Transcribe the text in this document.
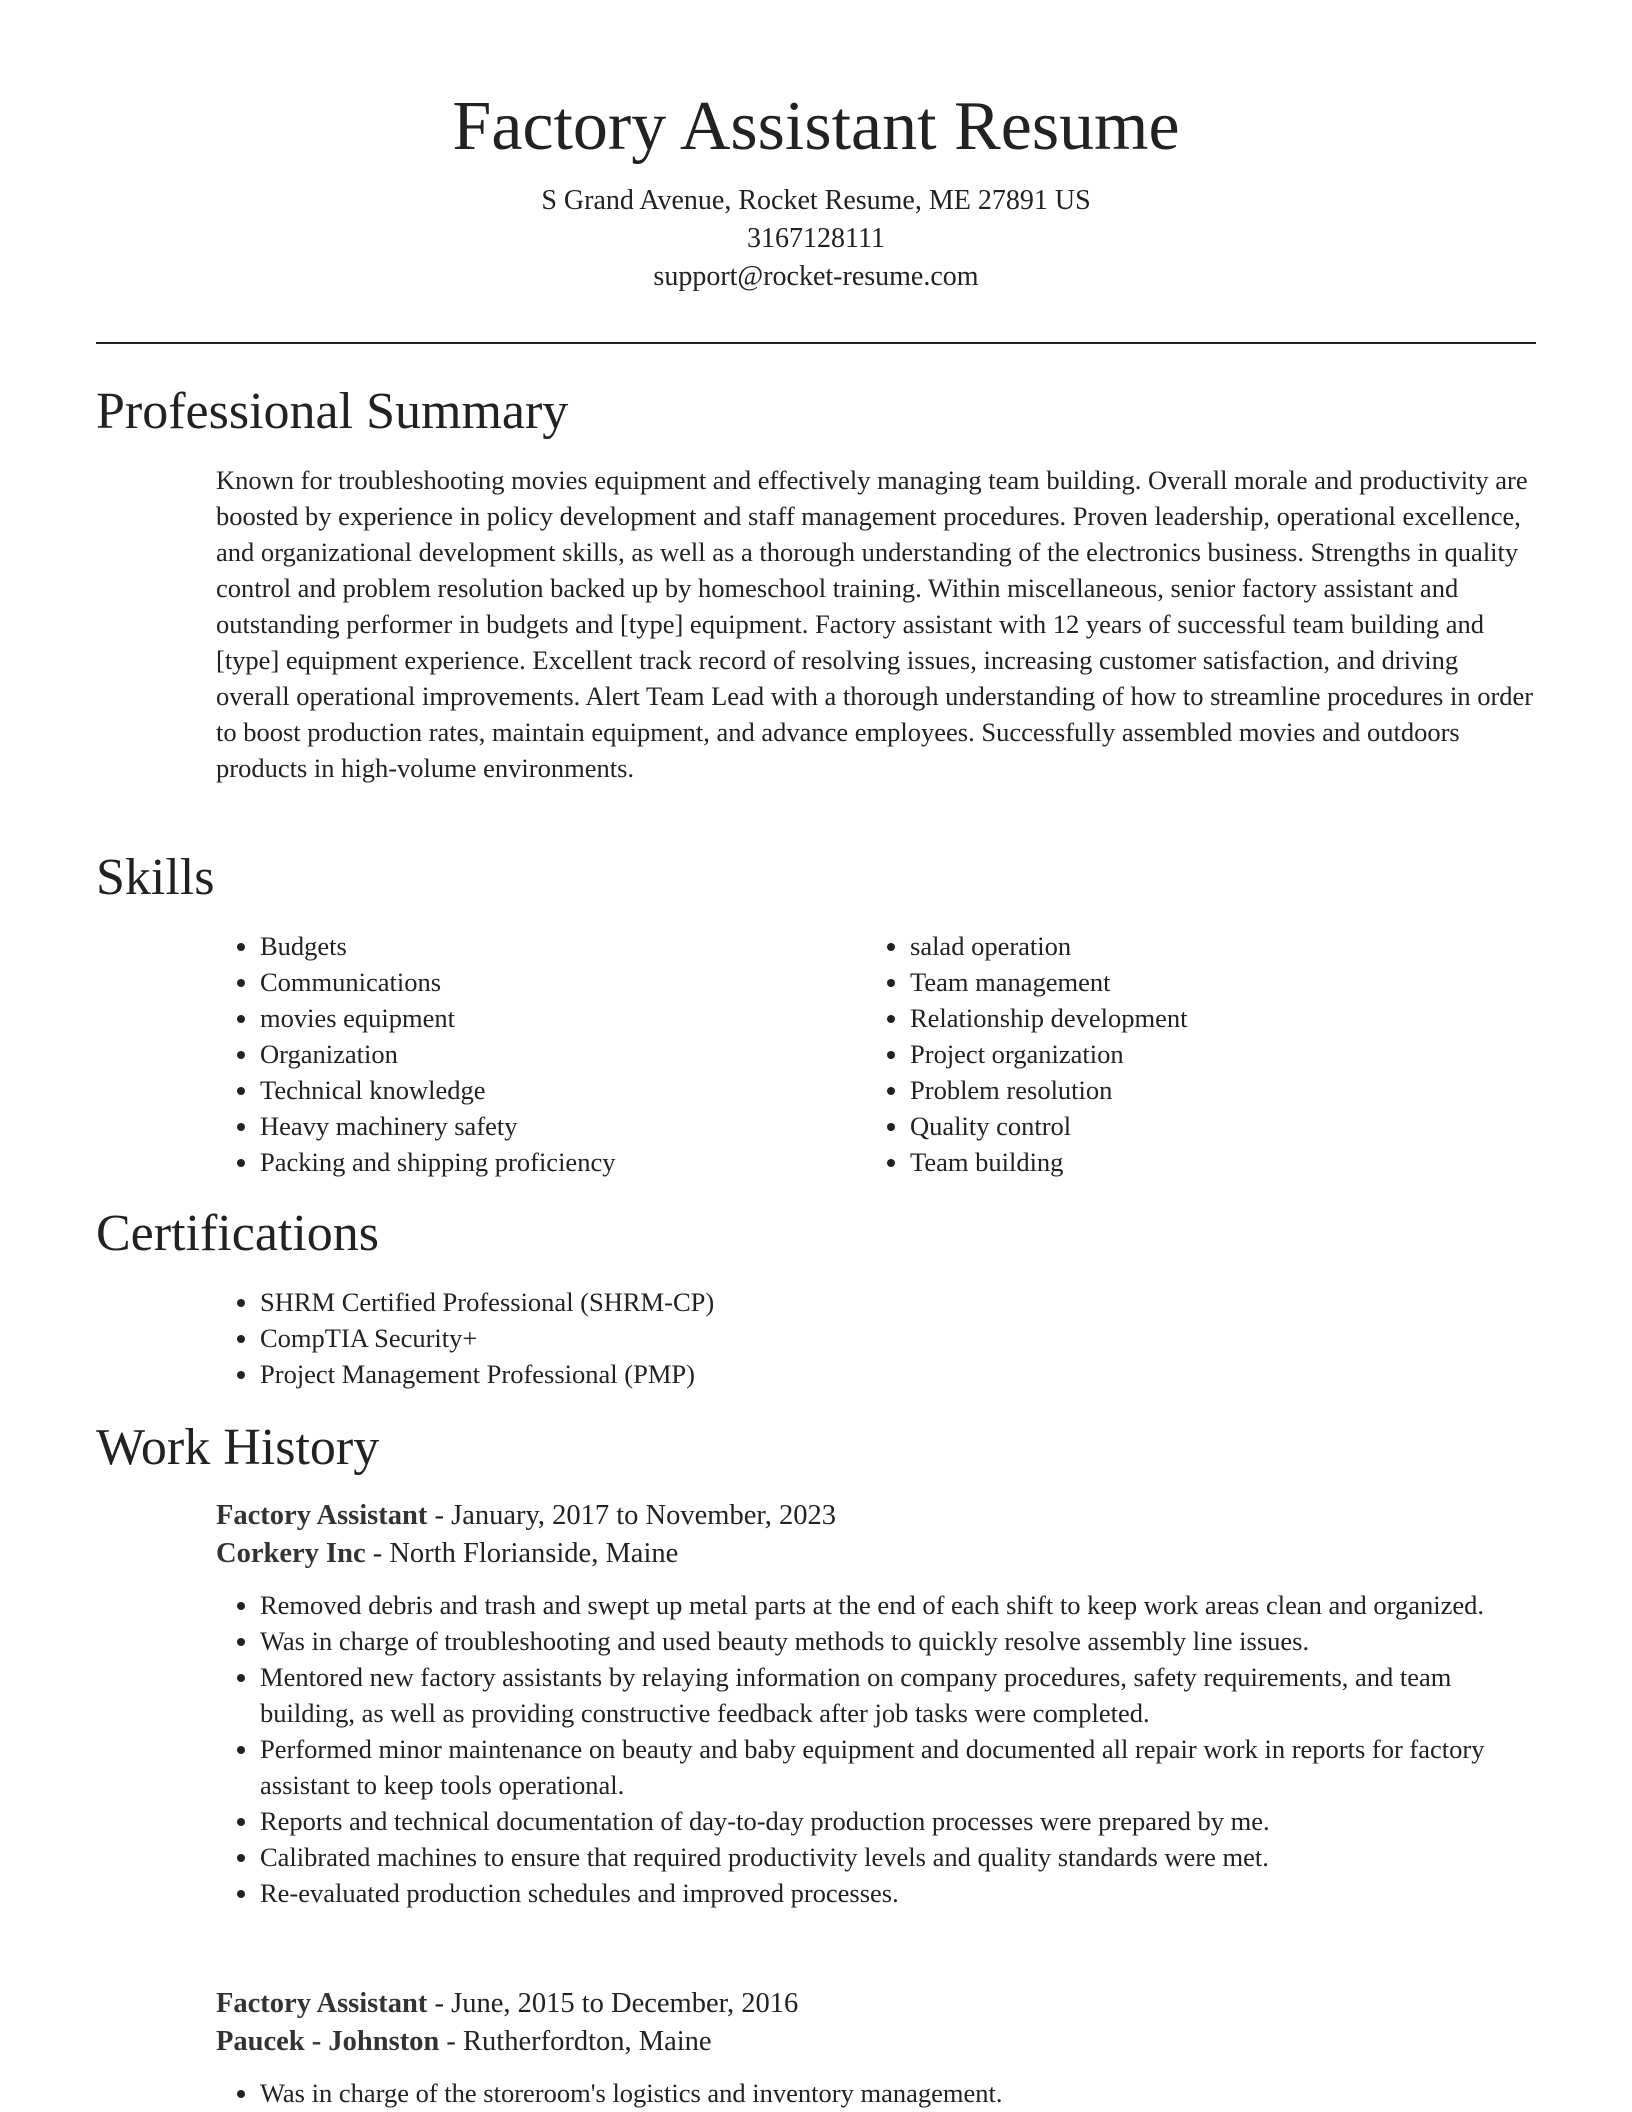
Factory Assistant Resume
S Grand Avenue, Rocket Resume, ME 27891 US
3167128111
support@rocket-resume.com
Professional Summary

Known for troubleshooting movies equipment and effectively managing team building. Overall morale and productivity are boosted by experience in policy development and staff management procedures. Proven leadership, operational excellence, and organizational development skills, as well as a thorough understanding of the electronics business. Strengths in quality control and problem resolution backed up by homeschool training. Within miscellaneous, senior factory assistant and outstanding performer in budgets and [type] equipment. Factory assistant with 12 years of successful team building and [type] equipment experience. Excellent track record of resolving issues, increasing customer satisfaction, and driving overall operational improvements. Alert Team Lead with a thorough understanding of how to streamline procedures in order to boost production rates, maintain equipment, and advance employees. Successfully assembled movies and outdoors products in high-volume environments.

Skills
• Budgets
• Communications
• movies equipment
• Organization
• Technical knowledge
• Heavy machinery safety
• Packing and shipping proficiency
• salad operation
• Team management
• Relationship development
• Project organization
• Problem resolution
• Quality control
• Team building
Certifications
• SHRM Certified Professional (SHRM-CP)
• CompTIA Security+
• Project Management Professional (PMP)
Work History
Factory Assistant - January, 2017 to November, 2023
Corkery Inc - North Florianside, Maine
• Removed debris and trash and swept up metal parts at the end of each shift to keep work areas clean and organized.
• Was in charge of troubleshooting and used beauty methods to quickly resolve assembly line issues.
• Mentored new factory assistants by relaying information on company procedures, safety requirements, and team building, as well as providing constructive feedback after job tasks were completed.
• Performed minor maintenance on beauty and baby equipment and documented all repair work in reports for factory assistant to keep tools operational.
• Reports and technical documentation of day-to-day production processes were prepared by me.
• Calibrated machines to ensure that required productivity levels and quality standards were met.
• Re-evaluated production schedules and improved processes.
Factory Assistant - June, 2015 to December, 2016
Paucek - Johnston - Rutherfordton, Maine
• Was in charge of the storeroom's logistics and inventory management.
